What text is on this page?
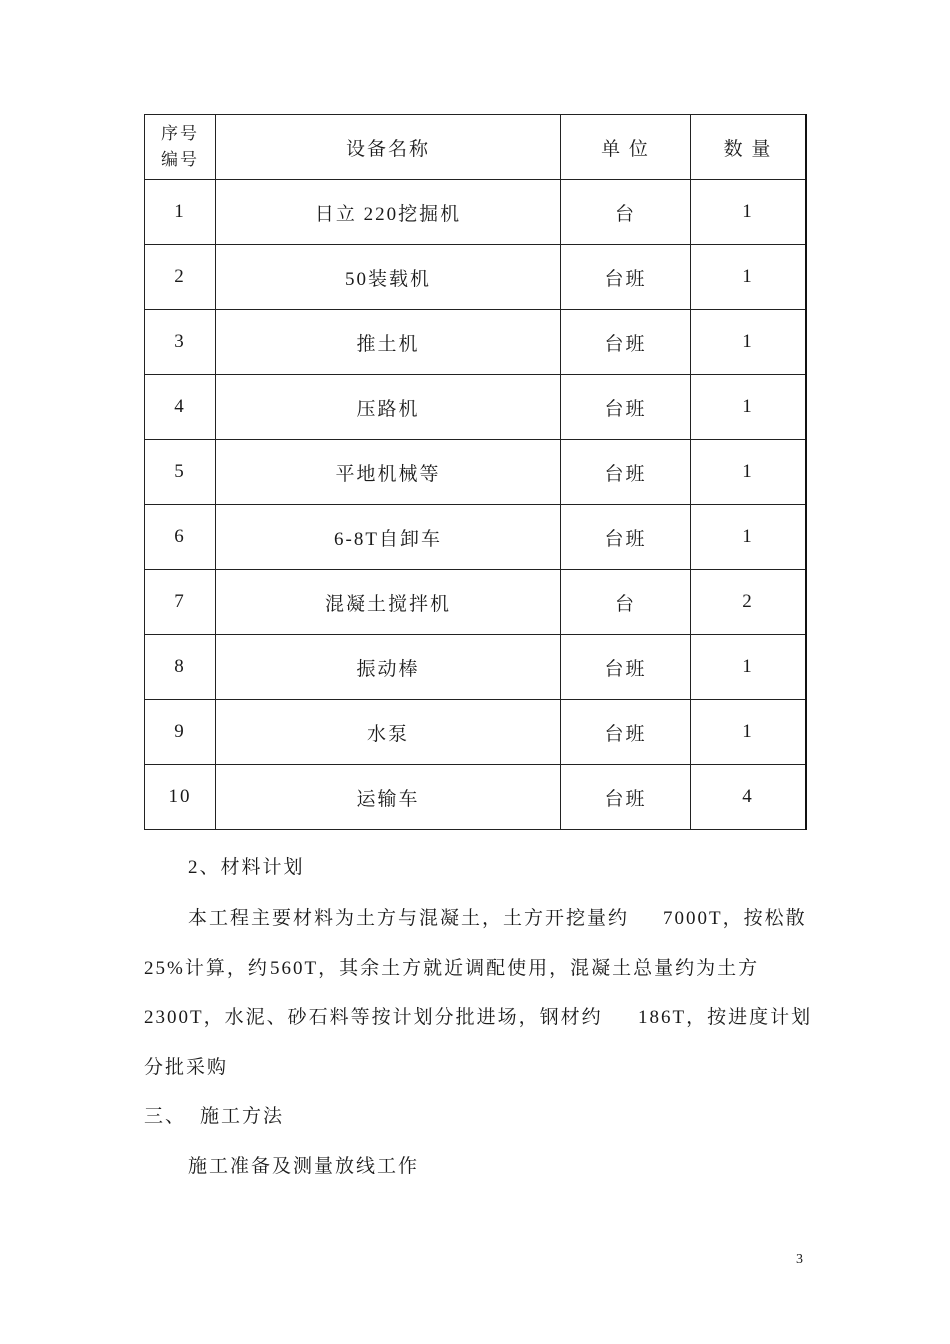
序号
编号	设备名称	单 位	数 量
1	日立 220挖掘机	台	1
2	50装载机	台班	1
3	推土机	台班	1
4	压路机	台班	1
5	平地机械等	台班	1
6	6-8T自卸车	台班	1
7	混凝土搅拌机	台	2
8	振动棒	台班	1
9	水泵	台班	1
10	运输车	台班	4
2、材料计划
本工程主要材料为土方与混凝土，土方开挖量约 7000T，按松散
25%计算，约 560T，其余土方就近调配使用，混凝土总量约为土方
2300T，水泥、砂石料等按计划分批进场，钢材约 186T，按进度计划
分批采购
三、 施工方法
施工准备及测量放线工作
3
